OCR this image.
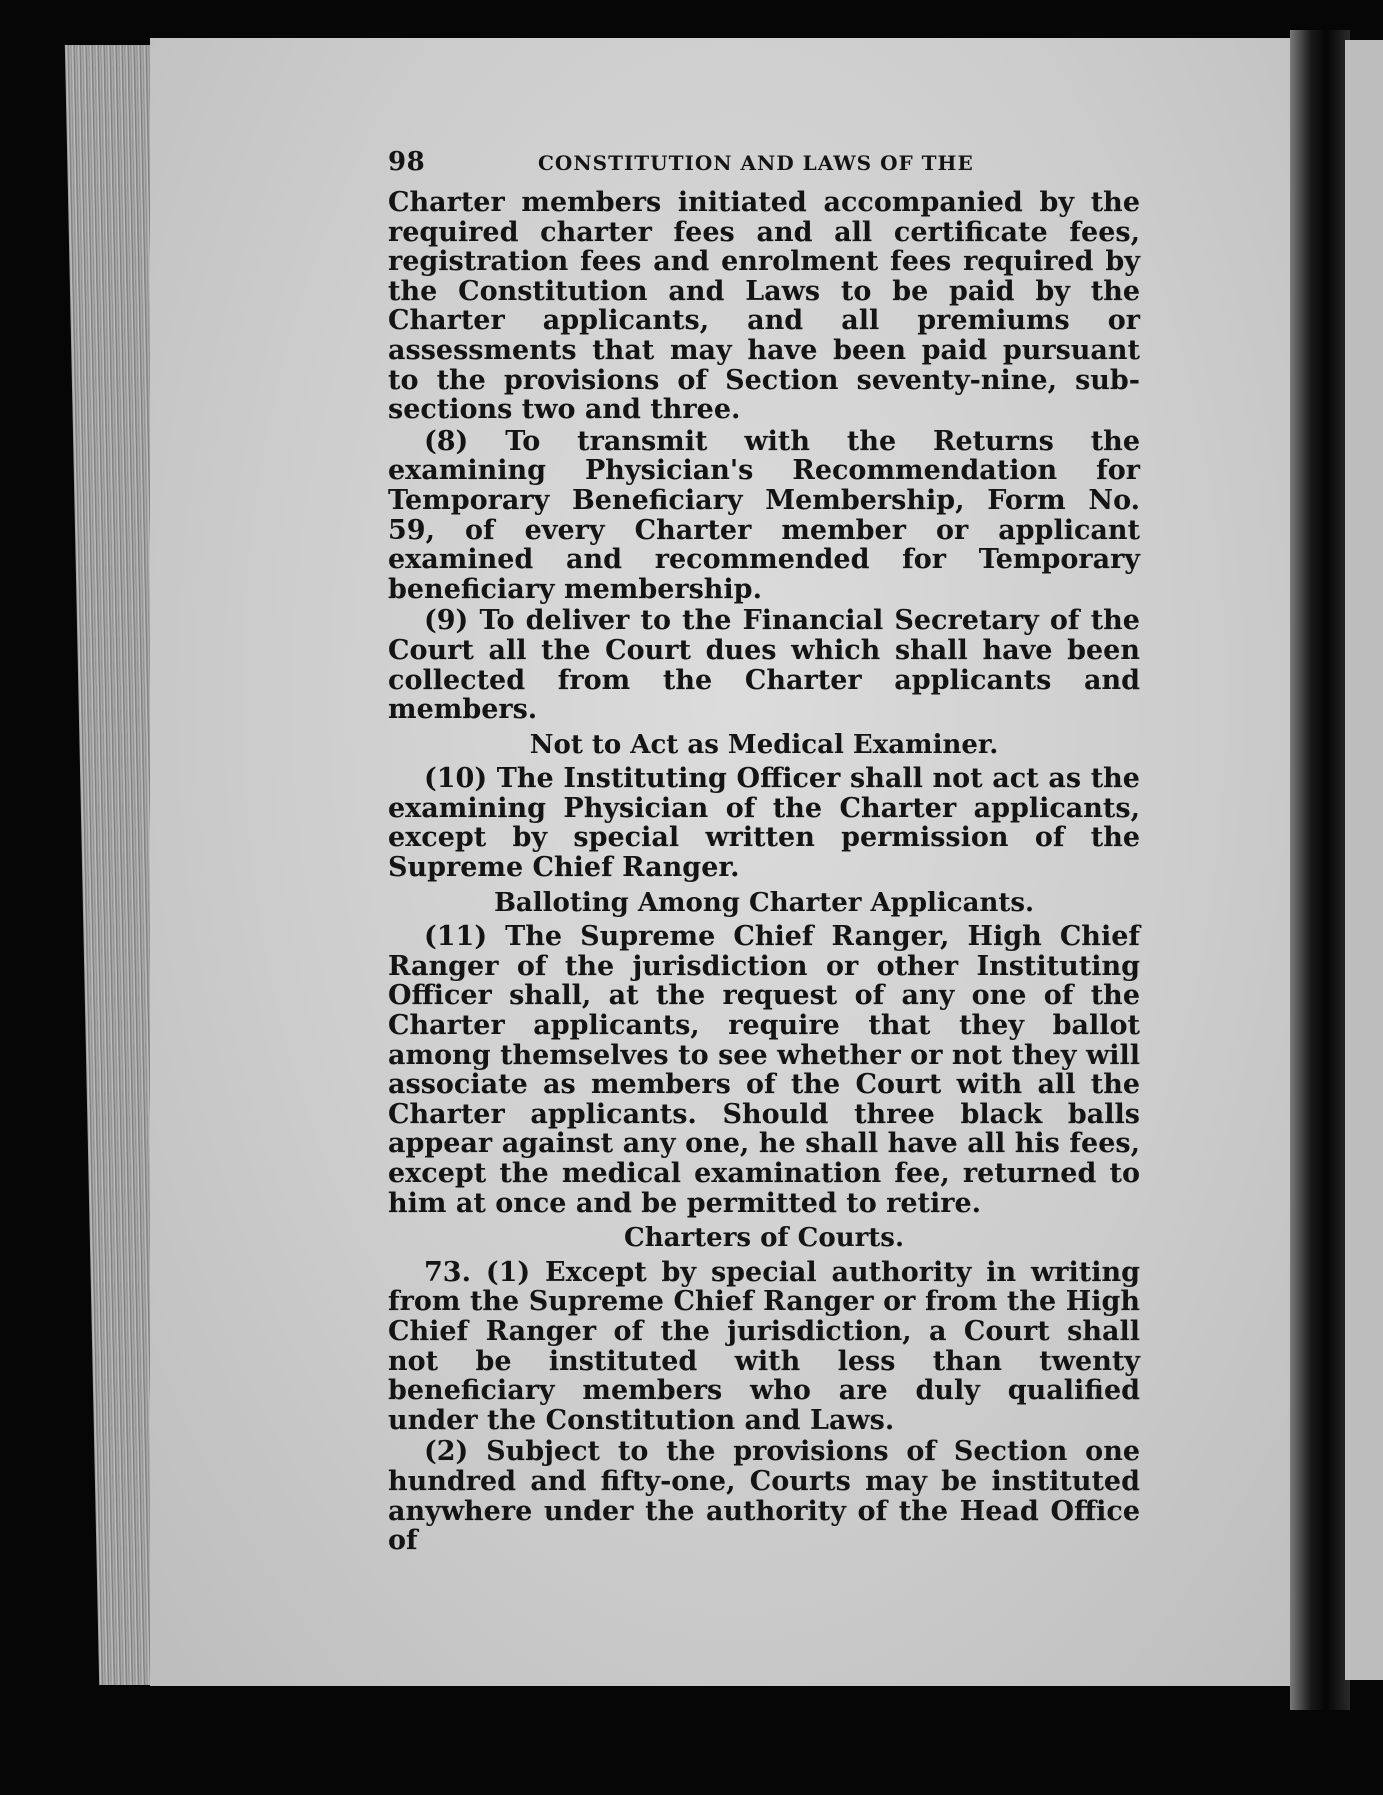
98	CONSTITUTION AND LAWS OF THE

Charter members initiated accompanied by the required charter fees and all certificate fees, registration fees and enrolment fees required by the Constitution and Laws to be paid by the Charter applicants, and all premiums or assessments that may have been paid pursuant to the provisions of Section seventy-nine, sub-sections two and three.

(8) To transmit with the Returns the examining Physician's Recommendation for Temporary Beneficiary Membership, Form No. 59, of every Charter member or applicant examined and recommended for Temporary beneficiary membership.

(9) To deliver to the Financial Secretary of the Court all the Court dues which shall have been collected from the Charter applicants and members.

Not to Act as Medical Examiner.

(10) The Instituting Officer shall not act as the examining Physician of the Charter applicants, except by special written permission of the Supreme Chief Ranger.

Balloting Among Charter Applicants.

(11) The Supreme Chief Ranger, High Chief Ranger of the jurisdiction or other Instituting Officer shall, at the request of any one of the Charter applicants, require that they ballot among themselves to see whether or not they will associate as members of the Court with all the Charter applicants. Should three black balls appear against any one, he shall have all his fees, except the medical examination fee, returned to him at once and be permitted to retire.

Charters of Courts.

73. (1) Except by special authority in writing from the Supreme Chief Ranger or from the High Chief Ranger of the jurisdiction, a Court shall not be instituted with less than twenty beneficiary members who are duly qualified under the Constitution and Laws.

(2) Subject to the provisions of Section one hundred and fifty-one, Courts may be instituted anywhere under the authority of the Head Office of
